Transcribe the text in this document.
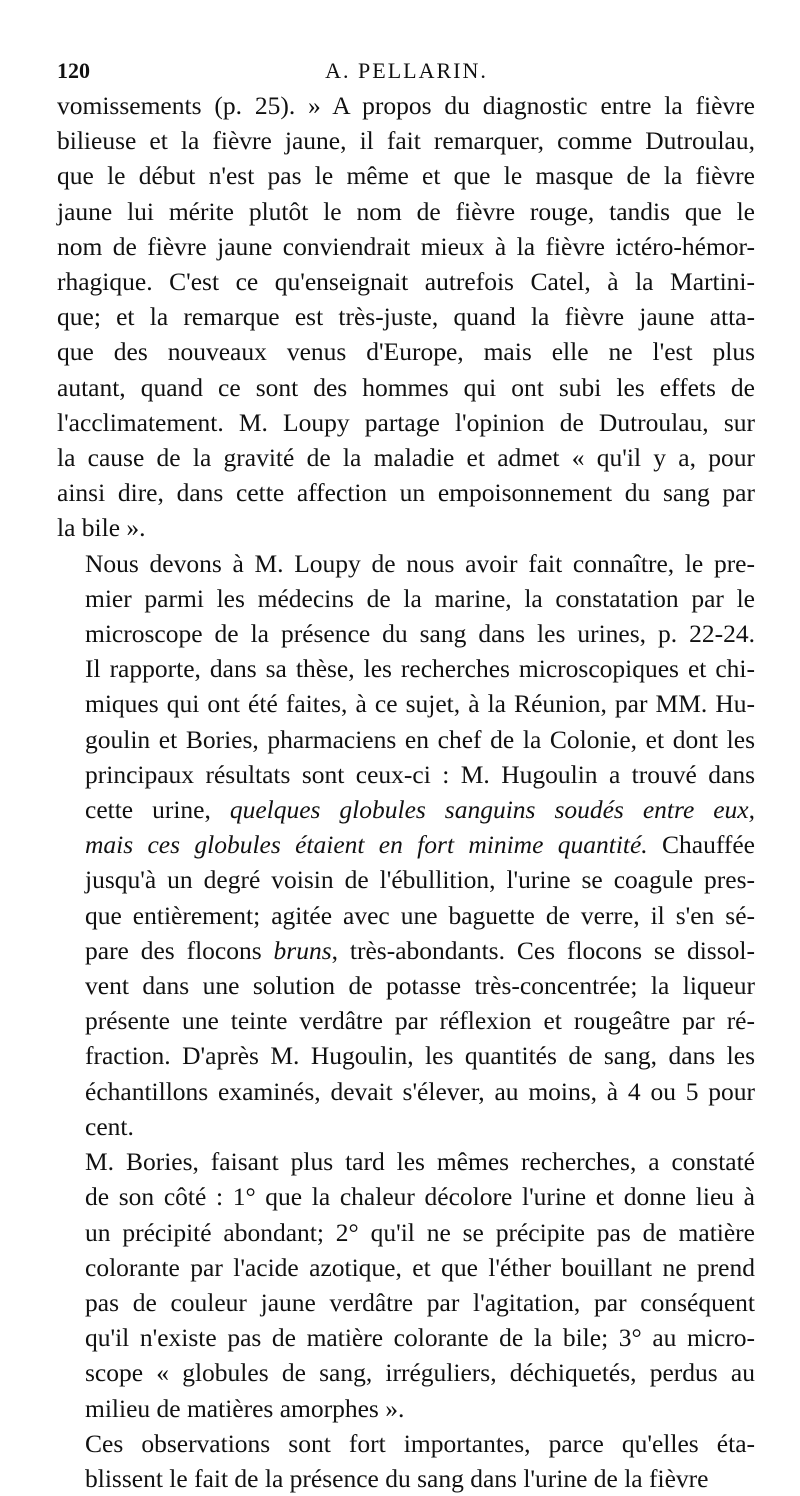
120	A. PELLARIN.
vomissements (p. 25). » A propos du diagnostic entre la fièvre
bilieuse et la fièvre jaune, il fait remarquer, comme Dutroulau,
que le début n'est pas le même et que le masque de la fièvre
jaune lui mérite plutôt le nom de fièvre rouge, tandis que le
nom de fièvre jaune conviendrait mieux à la fièvre ictéro-hémor-
rhagique. C'est ce qu'enseignait autrefois Catel, à la Martini-
que; et la remarque est très-juste, quand la fièvre jaune atta-
que des nouveaux venus d'Europe, mais elle ne l'est plus
autant, quand ce sont des hommes qui ont subi les effets de
l'acclimatement. M. Loupy partage l'opinion de Dutroulau, sur
la cause de la gravité de la maladie et admet « qu'il y a, pour
ainsi dire, dans cette affection un empoisonnement du sang par
la bile ».
Nous devons à M. Loupy de nous avoir fait connaître, le pre-
mier parmi les médecins de la marine, la constatation par le
microscope de la présence du sang dans les urines, p. 22-24.
Il rapporte, dans sa thèse, les recherches microscopiques et chi-
miques qui ont été faites, à ce sujet, à la Réunion, par MM. Hu-
goulin et Bories, pharmaciens en chef de la Colonie, et dont les
principaux résultats sont ceux-ci : M. Hugoulin a trouvé dans
cette urine, quelques globules sanguins soudés entre eux,
mais ces globules étaient en fort minime quantité. Chauffée
jusqu'à un degré voisin de l'ébullition, l'urine se coagule pres-
que entièrement; agitée avec une baguette de verre, il s'en sé-
pare des flocons bruns, très-abondants. Ces flocons se dissol-
vent dans une solution de potasse très-concentrée; la liqueur
présente une teinte verdâtre par réflexion et rougeâtre par ré-
fraction. D'après M. Hugoulin, les quantités de sang, dans les
échantillons examinés, devait s'élever, au moins, à 4 ou 5 pour
cent.
M. Bories, faisant plus tard les mêmes recherches, a constaté
de son côté : 1° que la chaleur décolore l'urine et donne lieu à
un précipité abondant; 2° qu'il ne se précipite pas de matière
colorante par l'acide azotique, et que l'éther bouillant ne prend
pas de couleur jaune verdâtre par l'agitation, par conséquent
qu'il n'existe pas de matière colorante de la bile; 3° au micro-
scope « globules de sang, irréguliers, déchiquetés, perdus au
milieu de matières amorphes ».
Ces observations sont fort importantes, parce qu'elles éta-
blissent le fait de la présence du sang dans l'urine de la fièvre
